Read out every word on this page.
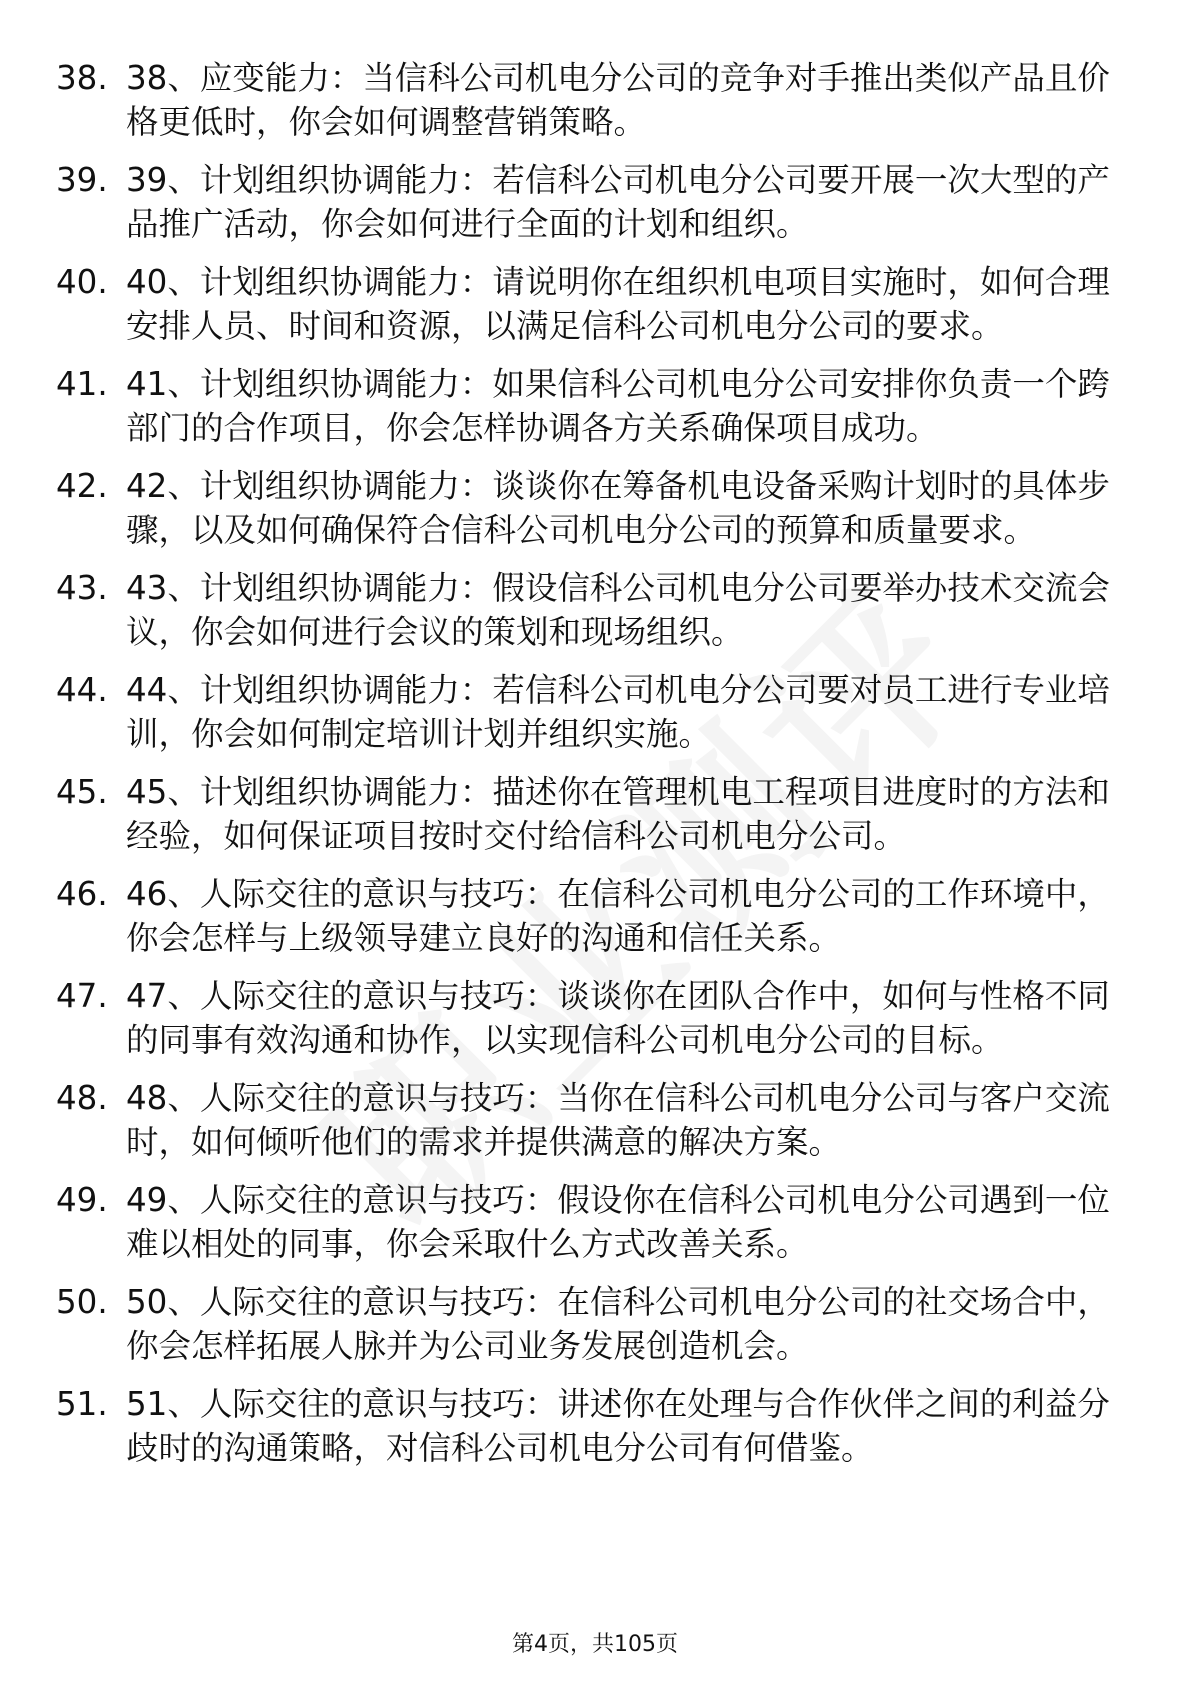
38. 38、应变能力：当信科公司机电分公司的竞争对手推出类似产品且价格更低时，你会如何调整营销策略。
39. 39、计划组织协调能力：若信科公司机电分公司要开展一次大型的产品推广活动，你会如何进行全面的计划和组织。
40. 40、计划组织协调能力：请说明你在组织机电项目实施时，如何合理安排人员、时间和资源，以满足信科公司机电分公司的要求。
41. 41、计划组织协调能力：如果信科公司机电分公司安排你负责一个跨部门的合作项目，你会怎样协调各方关系确保项目成功。
42. 42、计划组织协调能力：谈谈你在筹备机电设备采购计划时的具体步骤，以及如何确保符合信科公司机电分公司的预算和质量要求。
43. 43、计划组织协调能力：假设信科公司机电分公司要举办技术交流会议，你会如何进行会议的策划和现场组织。
44. 44、计划组织协调能力：若信科公司机电分公司要对员工进行专业培训，你会如何制定培训计划并组织实施。
45. 45、计划组织协调能力：描述你在管理机电工程项目进度时的方法和经验，如何保证项目按时交付给信科公司机电分公司。
46. 46、人际交往的意识与技巧：在信科公司机电分公司的工作环境中，你会怎样与上级领导建立良好的沟通和信任关系。
47. 47、人际交往的意识与技巧：谈谈你在团队合作中，如何与性格不同的同事有效沟通和协作，以实现信科公司机电分公司的目标。
48. 48、人际交往的意识与技巧：当你在信科公司机电分公司与客户交流时，如何倾听他们的需求并提供满意的解决方案。
49. 49、人际交往的意识与技巧：假设你在信科公司机电分公司遇到一位难以相处的同事，你会采取什么方式改善关系。
50. 50、人际交往的意识与技巧：在信科公司机电分公司的社交场合中，你会怎样拓展人脉并为公司业务发展创造机会。
51. 51、人际交往的意识与技巧：讲述你在处理与合作伙伴之间的利益分歧时的沟通策略，对信科公司机电分公司有何借鉴。
第4页，共105页
